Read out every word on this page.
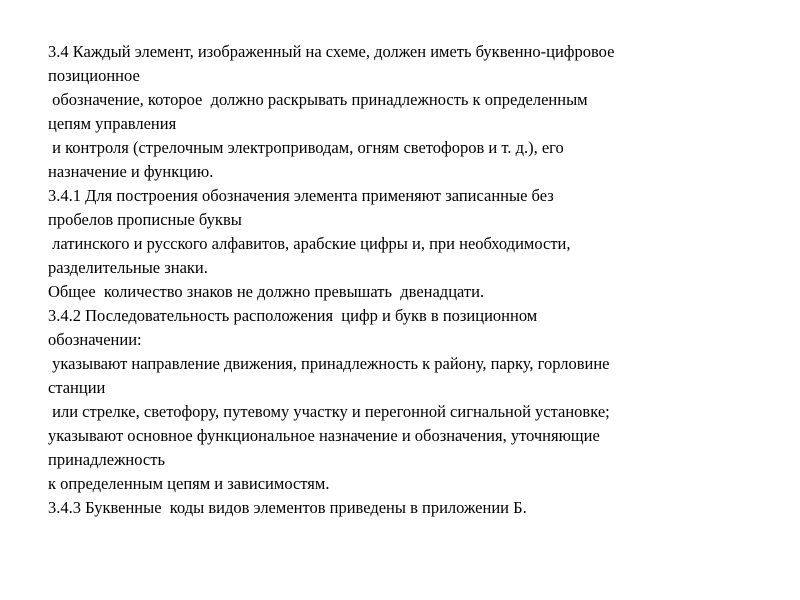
3.4 Каждый элемент, изображенный на схеме, должен иметь буквенно-цифровое
позиционное
обозначение, которое  должно раскрывать принадлежность к определенным
цепям управления
и контроля (стрелочным электроприводам, огням светофоров и т. д.), его
назначение и функцию.
3.4.1 Для построения обозначения элемента применяют записанные без
пробелов прописные буквы
латинского и русского алфавитов, арабские цифры и, при необходимости,
разделительные знаки.
Общее  количество знаков не должно превышать  двенадцати.
3.4.2 Последовательность расположения  цифр и букв в позиционном
обозначении:
указывают направление движения, принадлежность к району, парку, горловине
станции
или стрелке, светофору, путевому участку и перегонной сигнальной установке;
указывают основное функциональное назначение и обозначения, уточняющие
принадлежность
к определенным цепям и зависимостям.
3.4.3 Буквенные  коды видов элементов приведены в приложении Б.
